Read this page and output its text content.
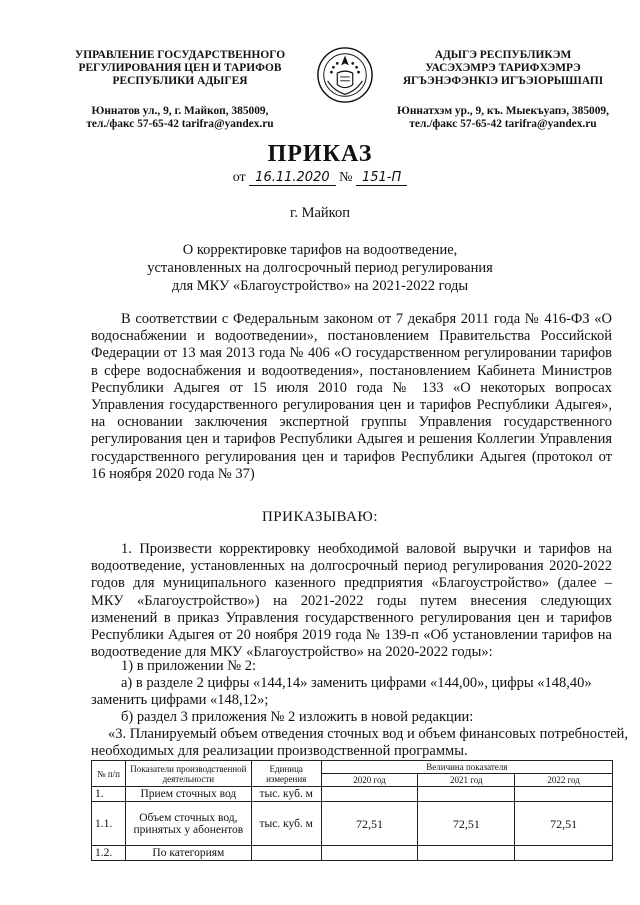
УПРАВЛЕНИЕ ГОСУДАРСТВЕННОГО
РЕГУЛИРОВАНИЯ ЦЕН И ТАРИФОВ
РЕСПУБЛИКИ АДЫГЕЯ
Юннатов ул., 9, г. Майкоп, 385009,
тел./факс 57-65-42 tarifra@yandex.ru
АДЫГЭ РЕСПУБЛИКЭМ
УАСЭХЭМРЭ ТАРИФХЭМРЭ
ЯГЪЭНЭФЭНКІЭ ИГЪЭІОРЫШІАПІ
Юннатхэм ур., 9, къ. Мыекъуапэ, 385009,
тел./факс 57-65-42 tarifra@yandex.ru
ПРИКАЗ
от 16.11.2020 № 151-П
г. Майкоп
О корректировке тарифов на водоотведение,
установленных на долгосрочный период регулирования
для МКУ «Благоустройство» на 2021-2022 годы

В соответствии с Федеральным законом от 7 декабря 2011 года № 416-ФЗ «О водоснабжении и водоотведении», постановлением Правительства Российской Федерации от 13 мая 2013 года № 406 «О государственном регулировании тарифов в сфере водоснабжения и водоотведения», постановлением Кабинета Министров Республики Адыгея от 15 июля 2010 года № 133 «О некоторых вопросах Управления государственного регулирования цен и тарифов Республики Адыгея», на основании заключения экспертной группы Управления государственного регулирования цен и тарифов Республики Адыгея и решения Коллегии Управления государственного регулирования цен и тарифов Республики Адыгея (протокол от 16 ноября 2020 года № 37)

ПРИКАЗЫВАЮ:

1. Произвести корректировку необходимой валовой выручки и тарифов на водоотведение, установленных на долгосрочный период регулирования 2020-2022 годов для муниципального казенного предприятия «Благоустройство» (далее – МКУ «Благоустройство») на 2021-2022 годы путем внесения следующих изменений в приказ Управления государственного регулирования цен и тарифов Республики Адыгея от 20 ноября 2019 года № 139-п «Об установлении тарифов на водоотведение для МКУ «Благоустройство» на 2020-2022 годы»:

1) в приложении № 2:
а) в разделе 2 цифры «144,14» заменить цифрами «144,00», цифры «148,40»
заменить цифрами «148,12»;
б) раздел 3 приложения № 2 изложить в новой редакции:
«3. Планируемый объем отведения сточных вод и объем финансовых потребностей,
необходимых для реализации производственной программы.
№ п/п	Показатели производственной деятельности	Единица измерения	Величина показателя		
			2020 год	2021 год	2022 год
1.	Прием сточных вод	тыс. куб. м			
1.1.	Объем сточных вод, принятых у абонентов	тыс. куб. м	72,51	72,51	72,51
1.2.	По категориям				
